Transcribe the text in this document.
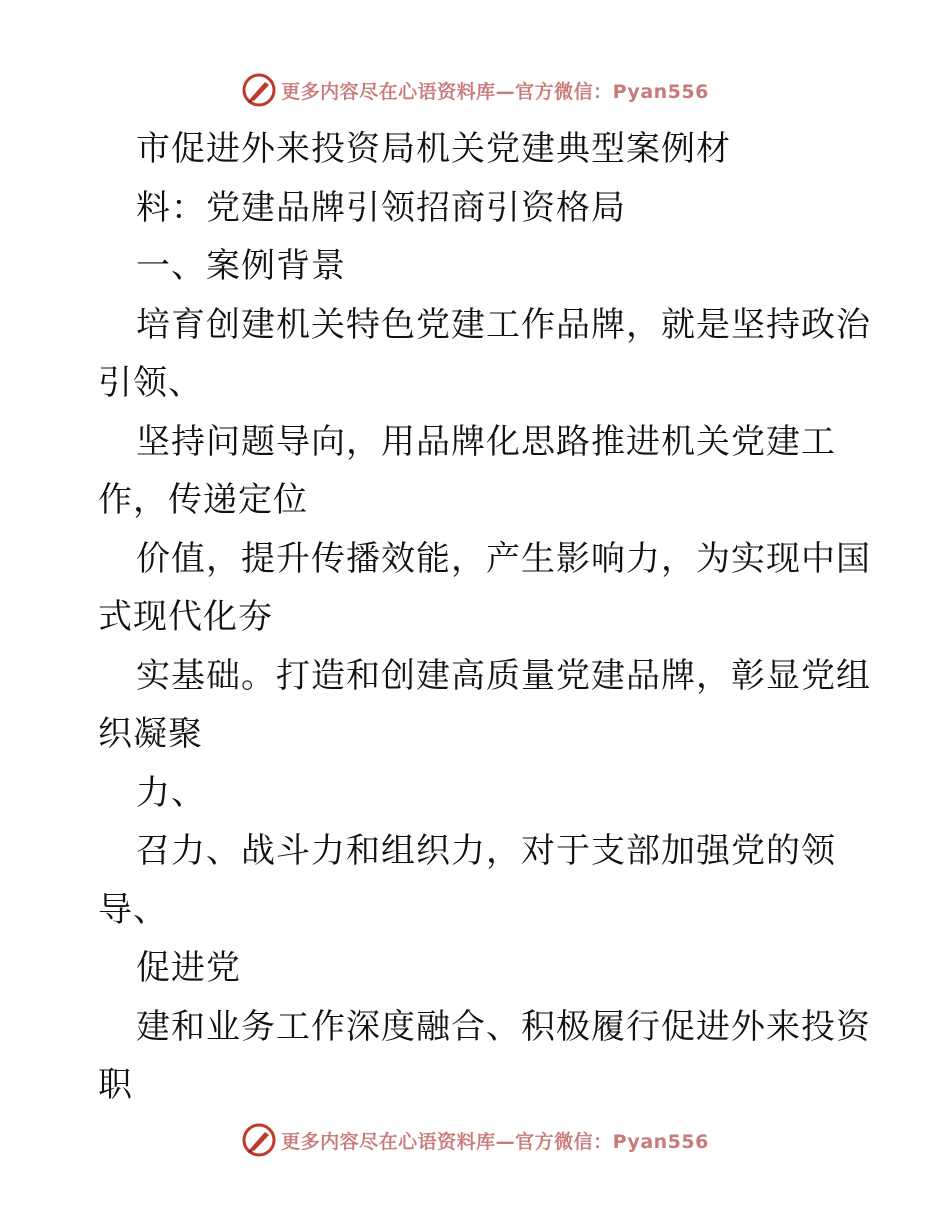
更多内容尽在心语资料库—官方微信：Pyan556
市促进外来投资局机关党建典型案例材
料：党建品牌引领招商引资格局
一、案例背景
培育创建机关特色党建工作品牌，就是坚持政治
引领、
坚持问题导向，用品牌化思路推进机关党建工
作，传递定位
价值，提升传播效能，产生影响力，为实现中国
式现代化夯
实基础。打造和创建高质量党建品牌，彰显党组
织凝聚
力、
召力、战斗力和组织力，对于支部加强党的领
导、
促进党
建和业务工作深度融合、积极履行促进外来投资
职
更多内容尽在心语资料库—官方微信：Pyan556
